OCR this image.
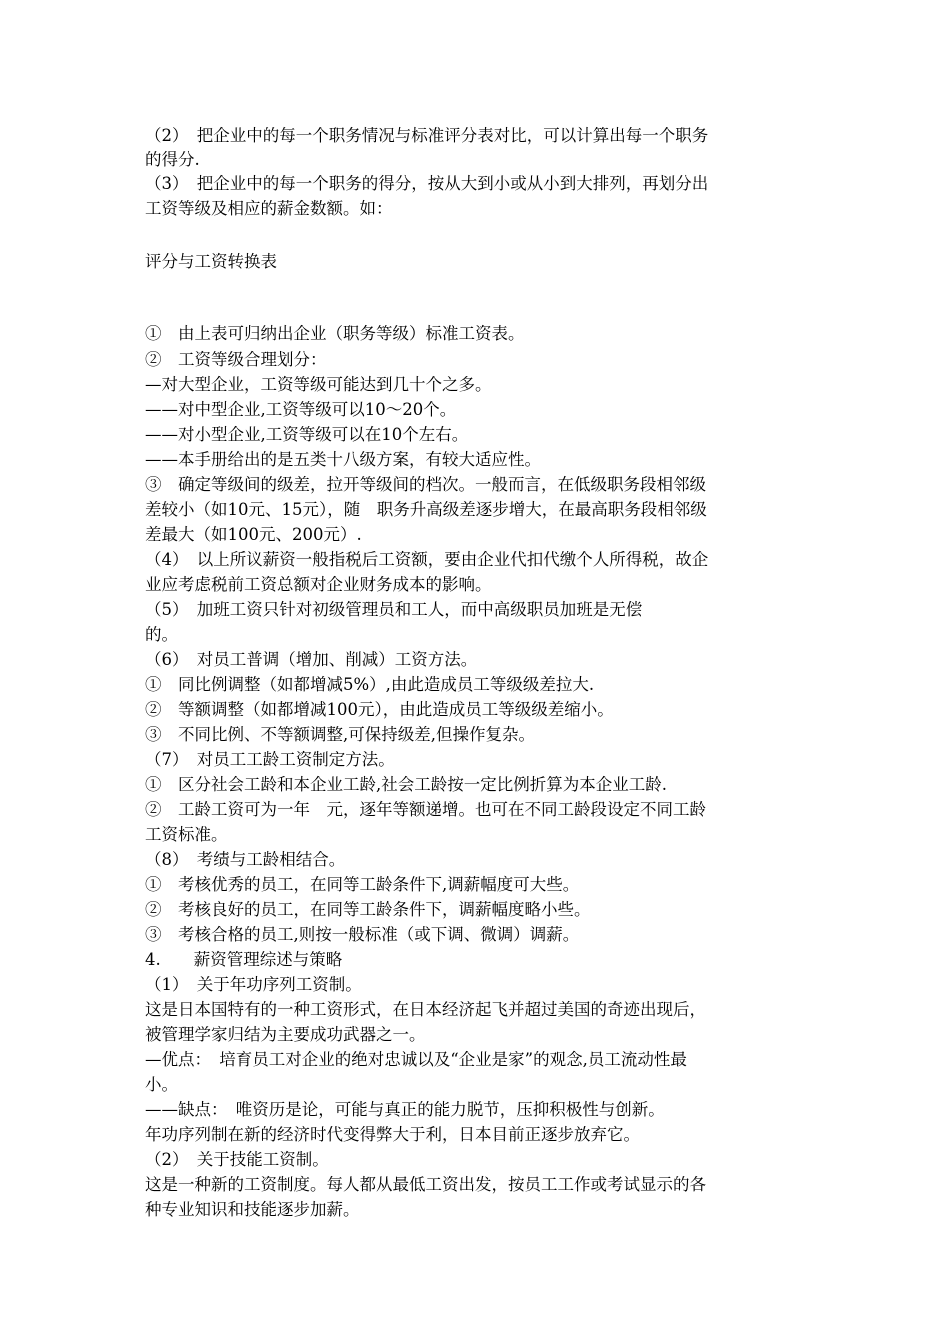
（2）　把企业中的每一个职务情况与标准评分表对比，可以计算出每一个职务
的得分.
（3）　把企业中的每一个职务的得分，按从大到小或从小到大排列，再划分出
工资等级及相应的薪金数额。如：
评分与工资转换表
①　由上表可归纳出企业（职务等级）标准工资表。
②　工资等级合理划分：
—对大型企业，工资等级可能达到几十个之多。
——对中型企业,工资等级可以10～20个。
——对小型企业,工资等级可以在10个左右。
——本手册给出的是五类十八级方案，有较大适应性。
③　确定等级间的级差，拉开等级间的档次。一般而言，在低级职务段相邻级
差较小（如10元、15元），随　职务升高级差逐步增大，在最高职务段相邻级
差最大（如100元、200元）.
（4）　以上所议薪资一般指税后工资额，要由企业代扣代缴个人所得税，故企
业应考虑税前工资总额对企业财务成本的影响。
（5）　加班工资只针对初级管理员和工人，而中高级职员加班是无偿
的。
（6）　对员工普调（增加、削减）工资方法。
①　同比例调整（如都增减5%）,由此造成员工等级级差拉大.
②　等额调整（如都增减100元），由此造成员工等级级差缩小。
③　不同比例、不等额调整,可保持级差,但操作复杂。
（7）　对员工工龄工资制定方法。
①　区分社会工龄和本企业工龄,社会工龄按一定比例折算为本企业工龄.
②　工龄工资可为一年　元，逐年等额递增。也可在不同工龄段设定不同工龄
工资标准。
（8）　考绩与工龄相结合。
①　考核优秀的员工，在同等工龄条件下,调薪幅度可大些。
②　考核良好的员工，在同等工龄条件下，调薪幅度略小些。
③　考核合格的员工,则按一般标准（或下调、微调）调薪。
4.　　薪资管理综述与策略
（1）　关于年功序列工资制。
这是日本国特有的一种工资形式，在日本经济起飞并超过美国的奇迹出现后，
被管理学家归结为主要成功武器之一。
—优点：　培育员工对企业的绝对忠诚以及“企业是家”的观念,员工流动性最
小。
——缺点：　唯资历是论，可能与真正的能力脱节，压抑积极性与创新。
年功序列制在新的经济时代变得弊大于利，日本目前正逐步放弃它。
（2）　关于技能工资制。
这是一种新的工资制度。每人都从最低工资出发，按员工工作或考试显示的各
种专业知识和技能逐步加薪。
